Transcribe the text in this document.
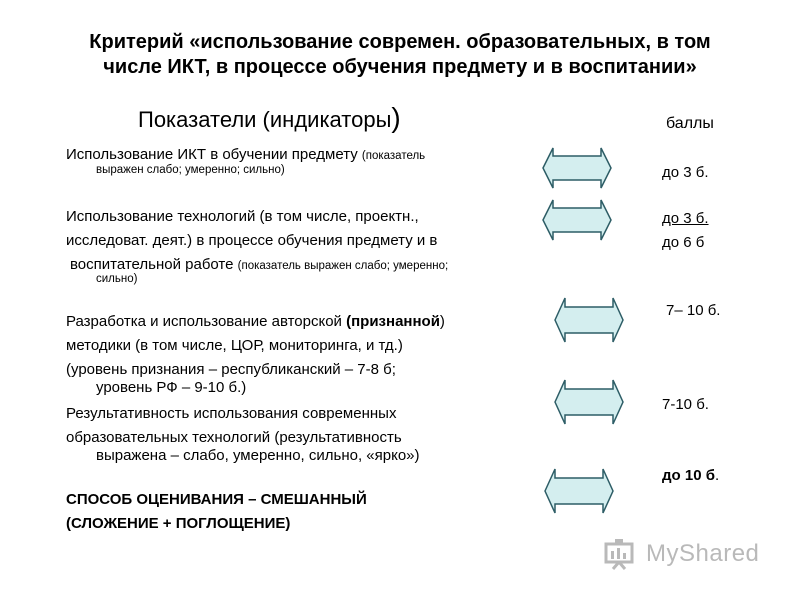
Критерий «использование современ. образовательных, в том
числе ИКТ, в процессе обучения предмету и в воспитании»
Показатели (индикаторы)	баллы
Использование ИКТ в обучении предмету (показатель
выражен слабо; умеренно; сильно)
Использование технологий (в том числе, проектн.,
исследоват. деят.) в процессе обучения предмету и в
воспитательной работе (показатель выражен слабо; умеренно;
сильно)
Разработка и использование авторской (признанной)
методики (в том числе, ЦОР, мониторинга, и тд.)
(уровень признания – республиканский – 7-8 б;
уровень РФ – 9-10 б.)
Результативность использования современных
образовательных технологий (результативность
выражена – слабо, умеренно, сильно, «ярко»)
СПОСОБ ОЦЕНИВАНИЯ – СМЕШАННЫЙ
(СЛОЖЕНИЕ + ПОГЛОЩЕНИЕ)
до 3 б.
до 3 б.
до 6 б
7– 10 б.
7-10 б.
до 10 б.
MyShared
